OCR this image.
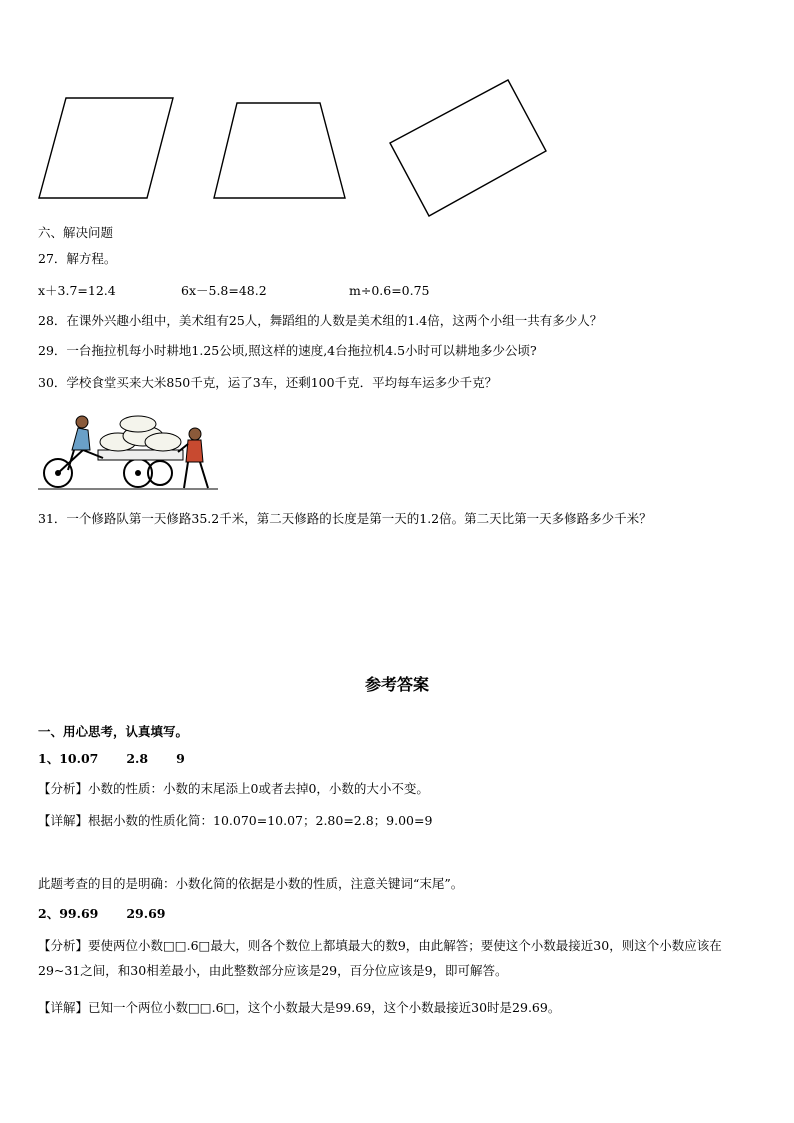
六、解决问题
27．解方程。
x＋3.7=12.4	6x－5.8=48.2	m÷0.6=0.75
28．在课外兴趣小组中，美术组有25人，舞蹈组的人数是美术组的1.4倍，这两个小组一共有多少人？
29．一台拖拉机每小时耕地1.25公顷,照这样的速度,4台拖拉机4.5小时可以耕地多少公顷?
30．学校食堂买来大米850千克，运了3车，还剩100千克．平均每车运多少千克？
31．一个修路队第一天修路35.2千米，第二天修路的长度是第一天的1.2倍。第二天比第一天多修路多少千米？
参考答案
一、用心思考，认真填写。
1、10.07 2.8 9
【分析】小数的性质：小数的末尾添上0或者去掉0，小数的大小不变。
【详解】根据小数的性质化简：10.070=10.07；2.80=2.8；9.00=9
此题考查的目的是明确：小数化简的依据是小数的性质，注意关键词“末尾”。
2、99.69 29.69
【分析】要使两位小数□□.6□最大，则各个数位上都填最大的数9，由此解答；要使这个小数最接近30，则这个小数应该在29~31之间，和30相差最小，由此整数部分应该是29，百分位应该是9，即可解答。
【详解】已知一个两位小数□□.6□，这个小数最大是99.69，这个小数最接近30时是29.69。
